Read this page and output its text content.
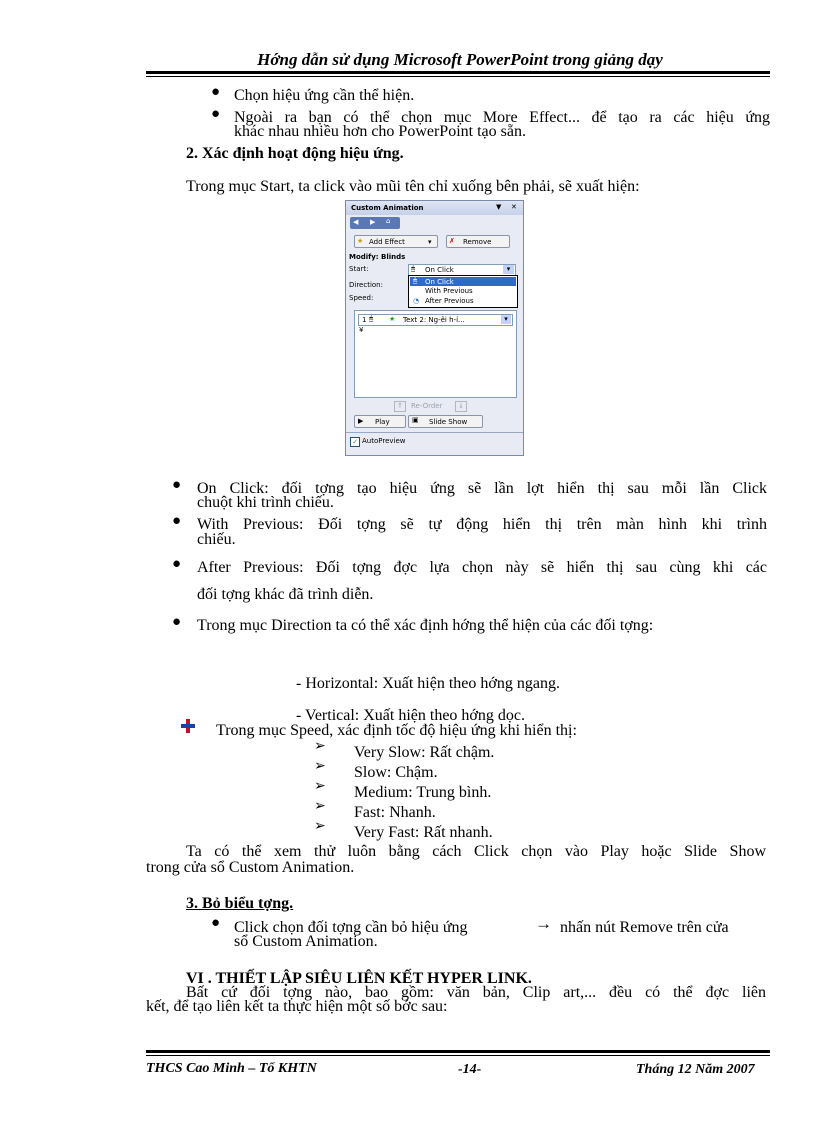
Hớng dẫn sử dụng Microsoft PowerPoint trong giảng dạy
● Chọn hiệu ứng cần thể hiện.
● Ngoài ra bạn có thể chọn mục More Effect... để tạo ra các hiệu ứng
khác nhau nhiều hơn cho PowerPoint tạo sẵn.
2. Xác định hoạt động hiệu ứng.
Trong mục Start, ta click vào mũi tên chỉ xuống bên phải, sẽ xuất hiện:
Custom Animation	▼ ✕
◀ ▶ ⌂
★ Add Effect	▾ ✗ Remove
Modify: Blinds
Start:	🖱 On Click	▾
Direction:
Speed:
🖱 On Click
With Previous
◔ After Previous
1 🖱 ★ Text 2: Ng-êi h-í...	▾
¥
↑	Re-Order	↓
▶ Play	▣ Slide Show
✓ AutoPreview
● On Click: đối tợng tạo hiệu ứng sẽ lần lợt hiển thị sau mỗi lần Click
chuột khi trình chiếu.
● With Previous: Đối tợng sẽ tự động hiển thị trên màn hình khi trình
chiếu.
● After Previous: Đối tợng đợc lựa chọn này sẽ hiển thị sau cùng khi các
đối tợng khác đã trình diễn.
● Trong mục Direction ta có thể xác định hớng thể hiện của các đối tợng:
- Horizontal: Xuất hiện theo hớng ngang.
- Vertical: Xuất hiện theo hớng dọc.
Trong mục Speed, xác định tốc độ hiệu ứng khi hiển thị:
➢ Very Slow: Rất chậm.
➢ Slow: Chậm.
➢ Medium: Trung bình.
➢ Fast: Nhanh.
➢ Very Fast: Rất nhanh.
Ta có thể xem thử luôn bằng cách Click chọn vào Play hoặc Slide Show
trong cửa sổ Custom Animation.
3. Bỏ biểu tợng.
● Click chọn đối tợng cần bỏ hiệu ứng	→ nhấn nút Remove trên cửa
sổ Custom Animation.
VI . THIẾT LẬP SIÊU LIÊN KẾT HYPER LINK.
Bất cứ đối tợng nào, bao gồm: văn bản, Clip art,... đều có thể đợc liên
kết, để tạo liên kết ta thực hiện một số bớc sau:
THCS Cao Minh – Tổ KHTN	-14-	Tháng 12 Năm 2007
